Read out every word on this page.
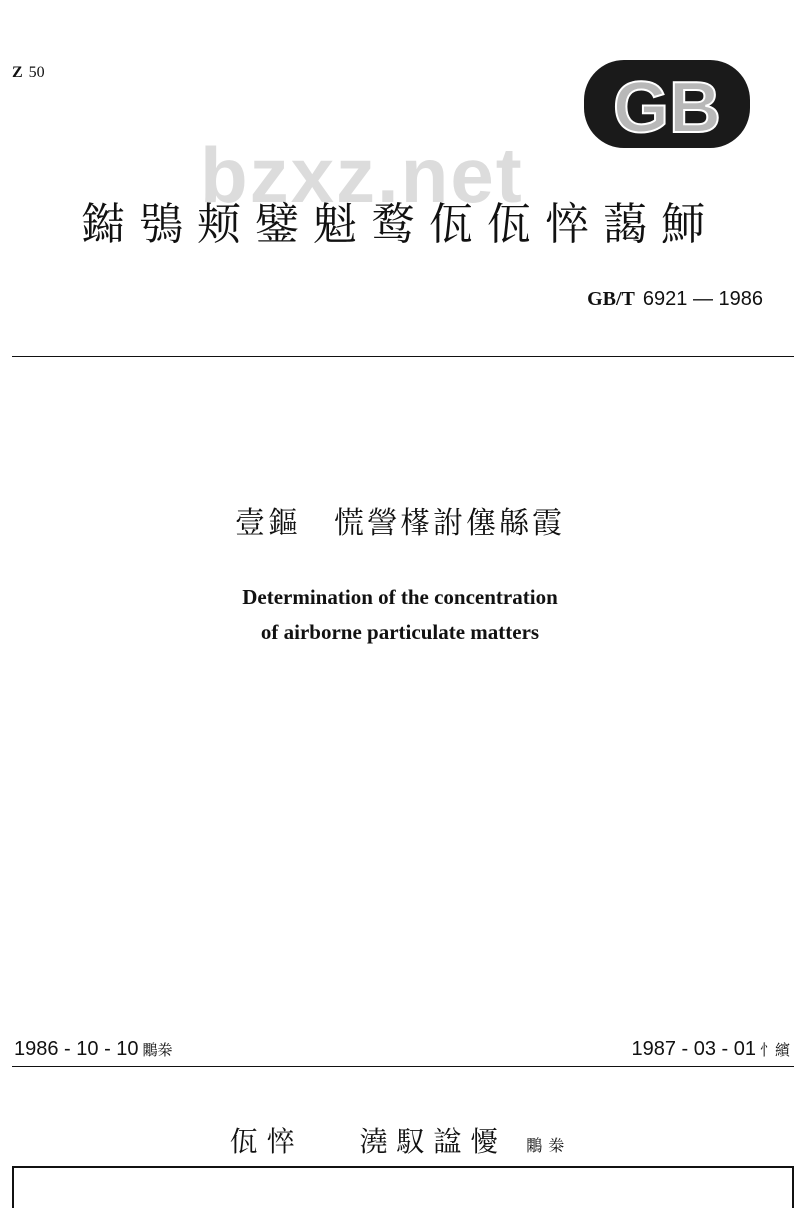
Z 50	GB
bzxz.net
鐑鴞颊鐾魁鹜佤佤悴藹魳
GB/T 6921 — 1986
壹鏂　慌謍樥詂僿緜霞
Determination of the concentration
of airborne particulate matters
1986 - 10 - 10 鷴桊	1987 - 03 - 01 忄繽
佤 悴　　 澆 馭 諡 懮 鷴桊
